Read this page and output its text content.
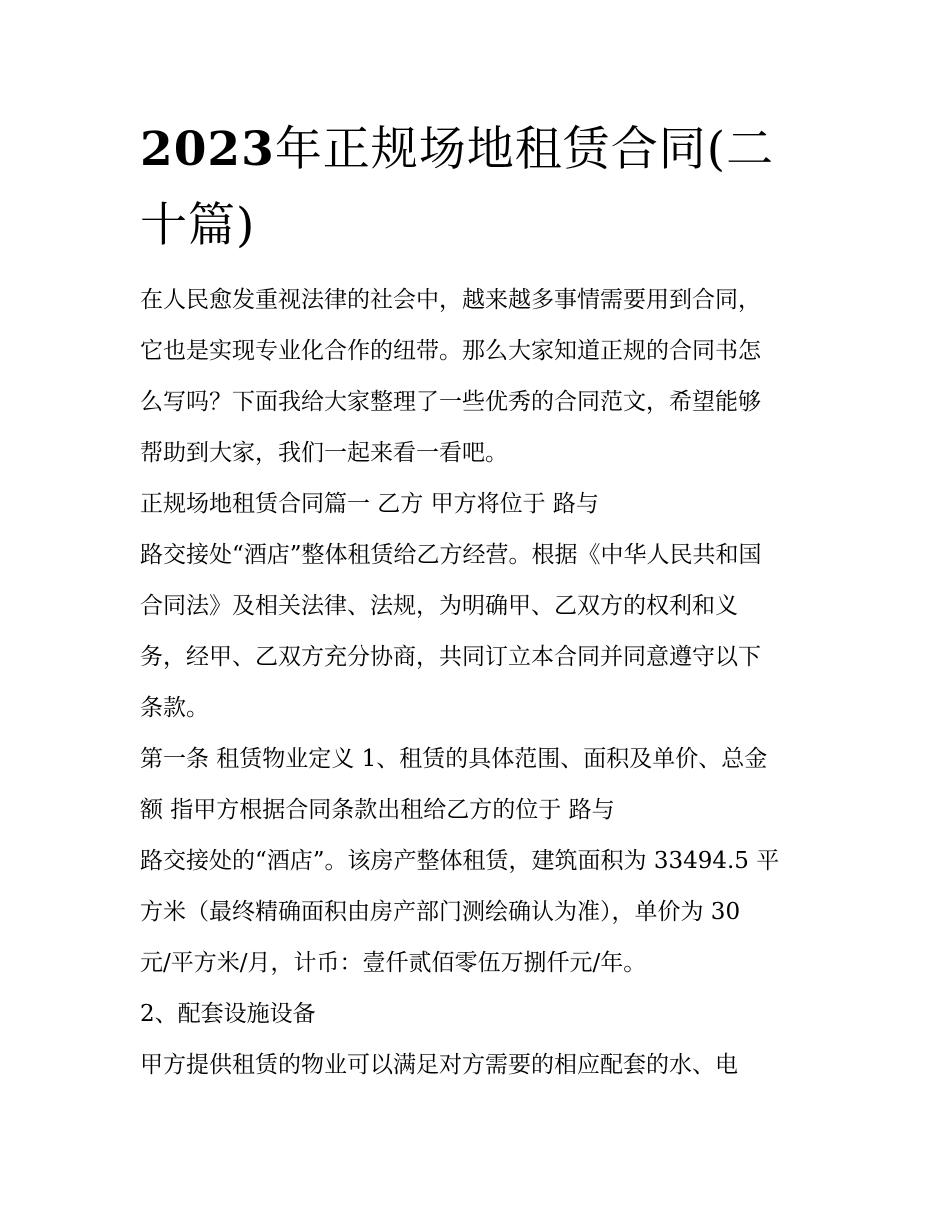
2023年正规场地租赁合同(二
十篇)
在人民愈发重视法律的社会中，越来越多事情需要用到合同，
它也是实现专业化合作的纽带。那么大家知道正规的合同书怎
么写吗？下面我给大家整理了一些优秀的合同范文，希望能够
帮助到大家，我们一起来看一看吧。
正规场地租赁合同篇一 乙方 甲方将位于 路与
路交接处“酒店”整体租赁给乙方经营。根据《中华人民共和国
合同法》及相关法律、法规，为明确甲、乙双方的权利和义
务，经甲、乙双方充分协商，共同订立本合同并同意遵守以下
条款。
第一条 租赁物业定义 1、租赁的具体范围、面积及单价、总金
额 指甲方根据合同条款出租给乙方的位于 路与
路交接处的“酒店”。该房产整体租赁，建筑面积为 33494.5 平
方米（最终精确面积由房产部门测绘确认为准），单价为 30
元/平方米/月，计币：壹仟贰佰零伍万捌仟元/年。
2、配套设施设备
甲方提供租赁的物业可以满足对方需要的相应配套的水、电
